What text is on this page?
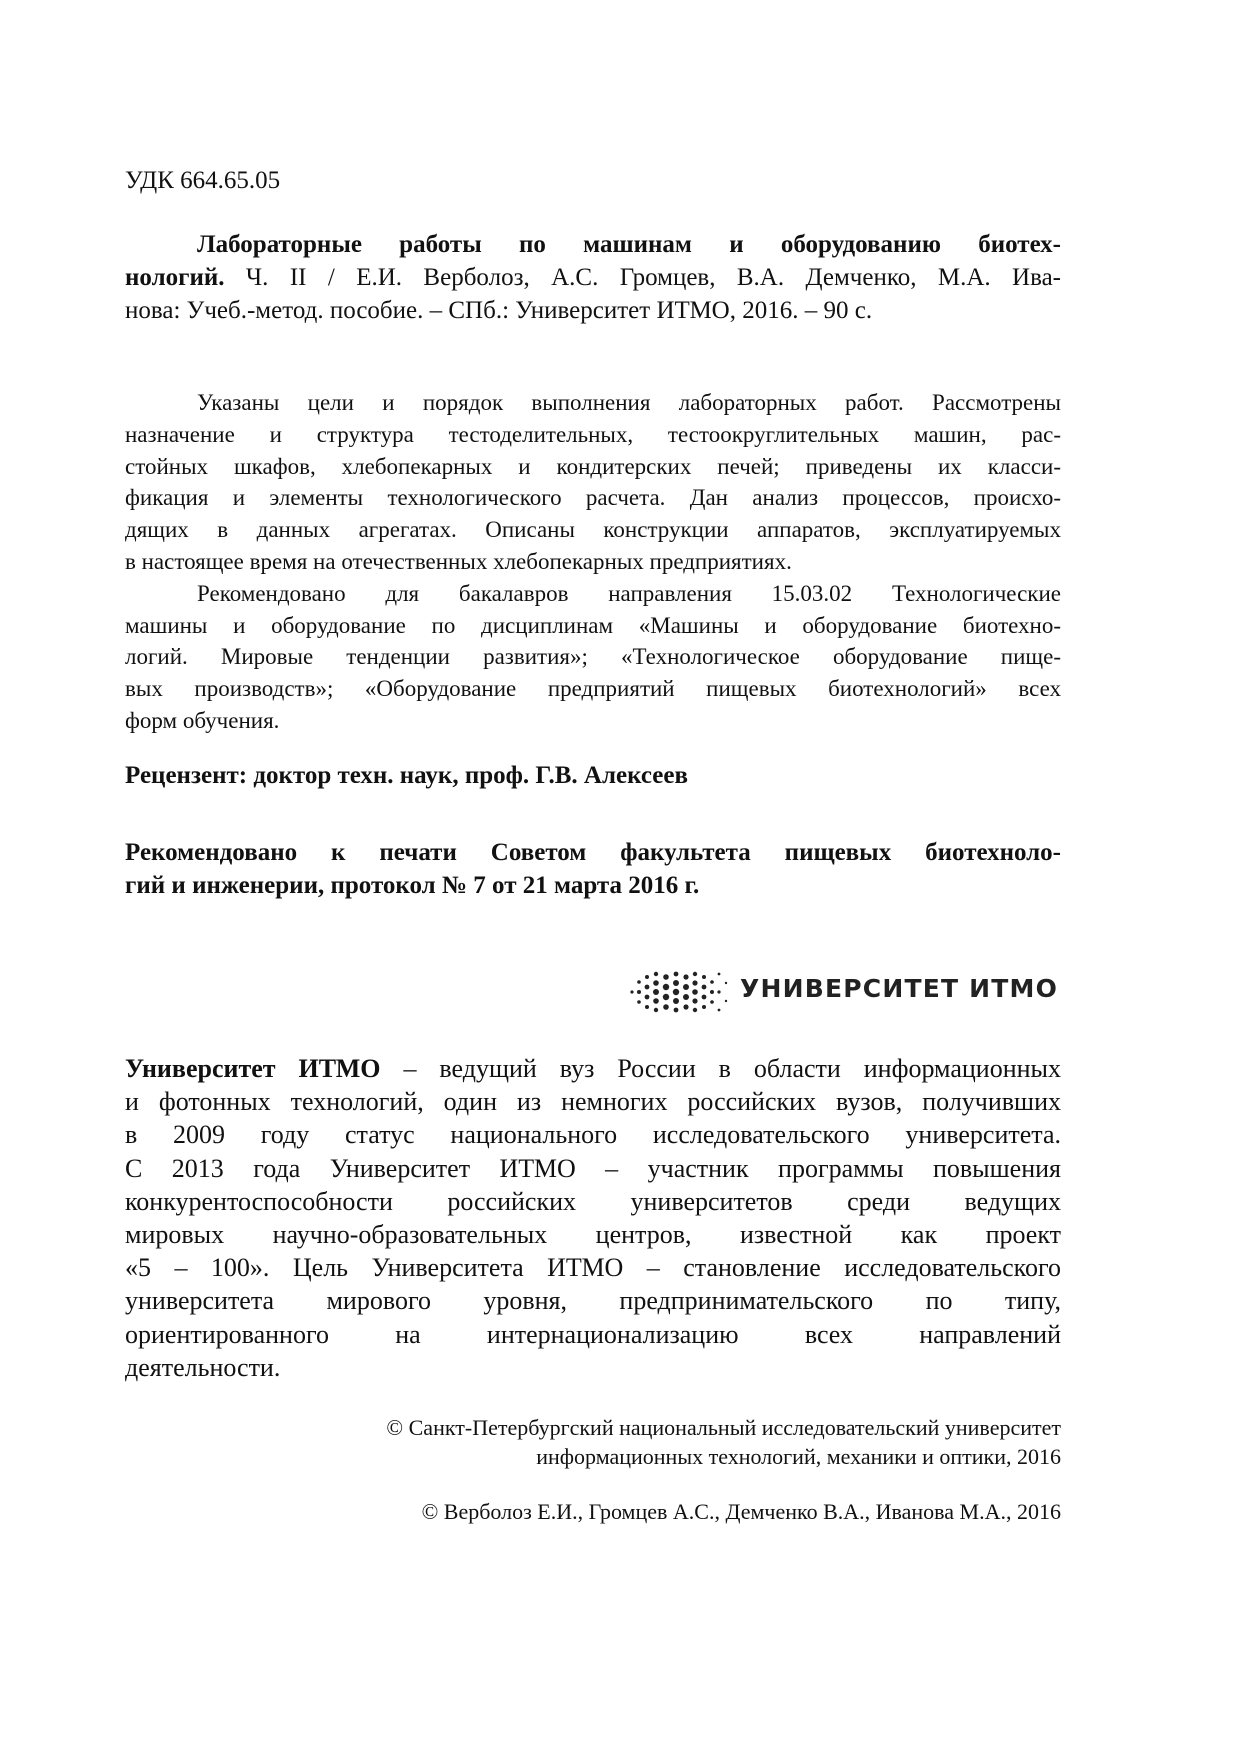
УДК 664.65.05
Лабораторные работы по машинам и оборудованию биотех-
нологий. Ч. II / Е.И. Верболоз, А.С. Громцев, В.А. Демченко, М.А. Ива-
нова: Учеб.-метод. пособие. – СПб.: Университет ИТМО, 2016. – 90 с.
Указаны цели и порядок выполнения лабораторных работ. Рассмотрены
назначение и структура тестоделительных, тестоокруглительных машин, рас-
стойных шкафов, хлебопекарных и кондитерских печей; приведены их класси-
фикация и элементы технологического расчета. Дан анализ процессов, происхо-
дящих в данных агрегатах. Описаны конструкции аппаратов, эксплуатируемых
в настоящее время на отечественных хлебопекарных предприятиях.
Рекомендовано для бакалавров направления 15.03.02 Технологические
машины и оборудование по дисциплинам «Машины и оборудование биотехно-
логий. Мировые тенденции развития»; «Технологическое оборудование пище-
вых производств»; «Оборудование предприятий пищевых биотехнологий» всех
форм обучения.
Рецензент: доктор техн. наук, проф. Г.В. Алексеев
Рекомендовано к печати Советом факультета пищевых биотехноло-
гий и инженерии, протокол № 7 от 21 марта 2016 г.
УНИВЕРСИТЕТ ИТМО
Университет ИТМО – ведущий вуз России в области информационных
и фотонных технологий, один из немногих российских вузов, получивших
в 2009 году статус национального исследовательского университета.
С 2013 года Университет ИТМО – участник программы повышения
конкурентоспособности российских университетов среди ведущих
мировых научно-образовательных центров, известной как проект
«5 – 100». Цель Университета ИТМО – становление исследовательского
университета мирового уровня, предпринимательского по типу,
ориентированного на интернационализацию всех направлений
деятельности.
© Санкт-Петербургский национальный исследовательский университет
информационных технологий, механики и оптики, 2016
© Верболоз Е.И., Громцев А.С., Демченко В.А., Иванова М.А., 2016
